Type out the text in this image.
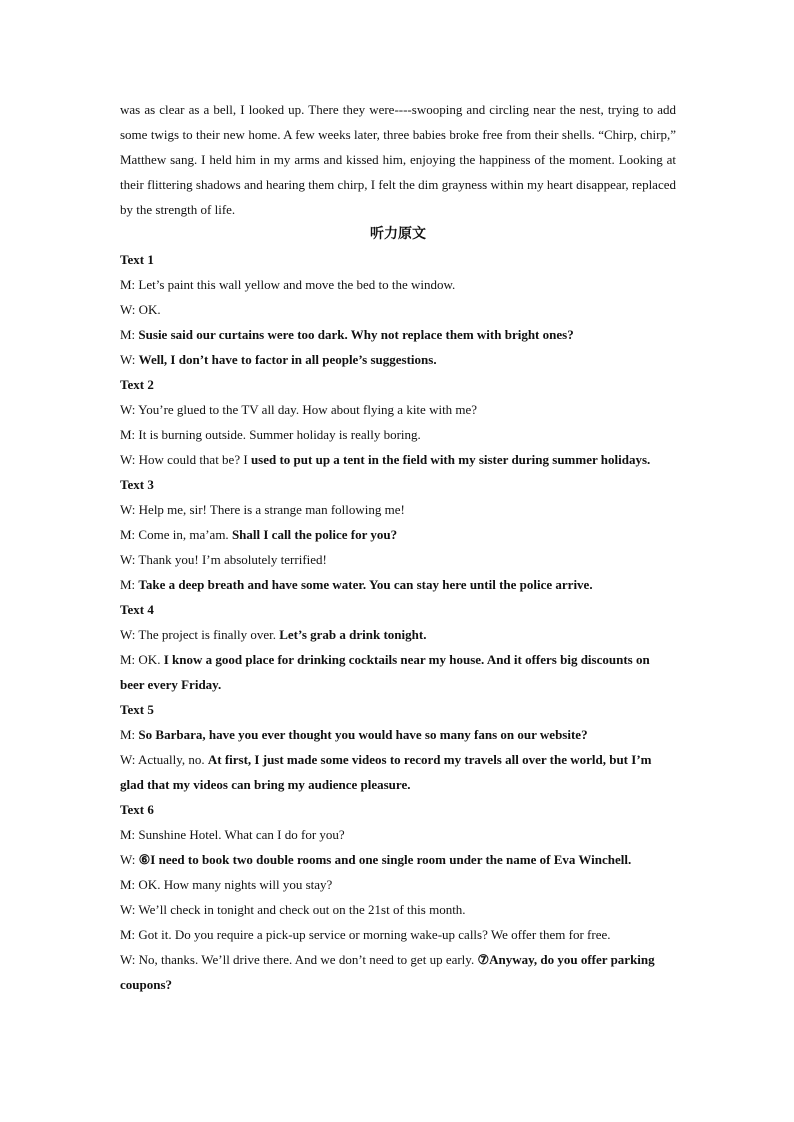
was as clear as a bell, I looked up. There they were----swooping and circling near the nest, trying to add some twigs to their new home. A few weeks later, three babies broke free from their shells. “Chirp, chirp,” Matthew sang. I held him in my arms and kissed him, enjoying the happiness of the moment. Looking at their flittering shadows and hearing them chirp, I felt the dim grayness within my heart disappear, replaced by the strength of life.

听力原文

Text 1

M: Let’s paint this wall yellow and move the bed to the window.

W: OK.

M: Susie said our curtains were too dark. Why not replace them with bright ones?

W: Well, I don’t have to factor in all people’s suggestions.

Text 2

W: You’re glued to the TV all day. How about flying a kite with me?

M: It is burning outside. Summer holiday is really boring.

W: How could that be? I used to put up a tent in the field with my sister during summer holidays.

Text 3

W: Help me, sir! There is a strange man following me!

M: Come in, ma’am. Shall I call the police for you?

W: Thank you! I’m absolutely terrified!

M: Take a deep breath and have some water. You can stay here until the police arrive.

Text 4

W: The project is finally over. Let’s grab a drink tonight.

M: OK. I know a good place for drinking cocktails near my house. And it offers big discounts on beer every Friday.

Text 5

M: So Barbara, have you ever thought you would have so many fans on our website?

W: Actually, no. At first, I just made some videos to record my travels all over the world, but I’m glad that my videos can bring my audience pleasure.

Text 6

M: Sunshine Hotel. What can I do for you?

W: ⑥I need to book two double rooms and one single room under the name of Eva Winchell.

M: OK. How many nights will you stay?

W: We’ll check in tonight and check out on the 21st of this month.

M: Got it. Do you require a pick-up service or morning wake-up calls? We offer them for free.

W: No, thanks. We’ll drive there. And we don’t need to get up early. ⑦Anyway, do you offer parking coupons?
